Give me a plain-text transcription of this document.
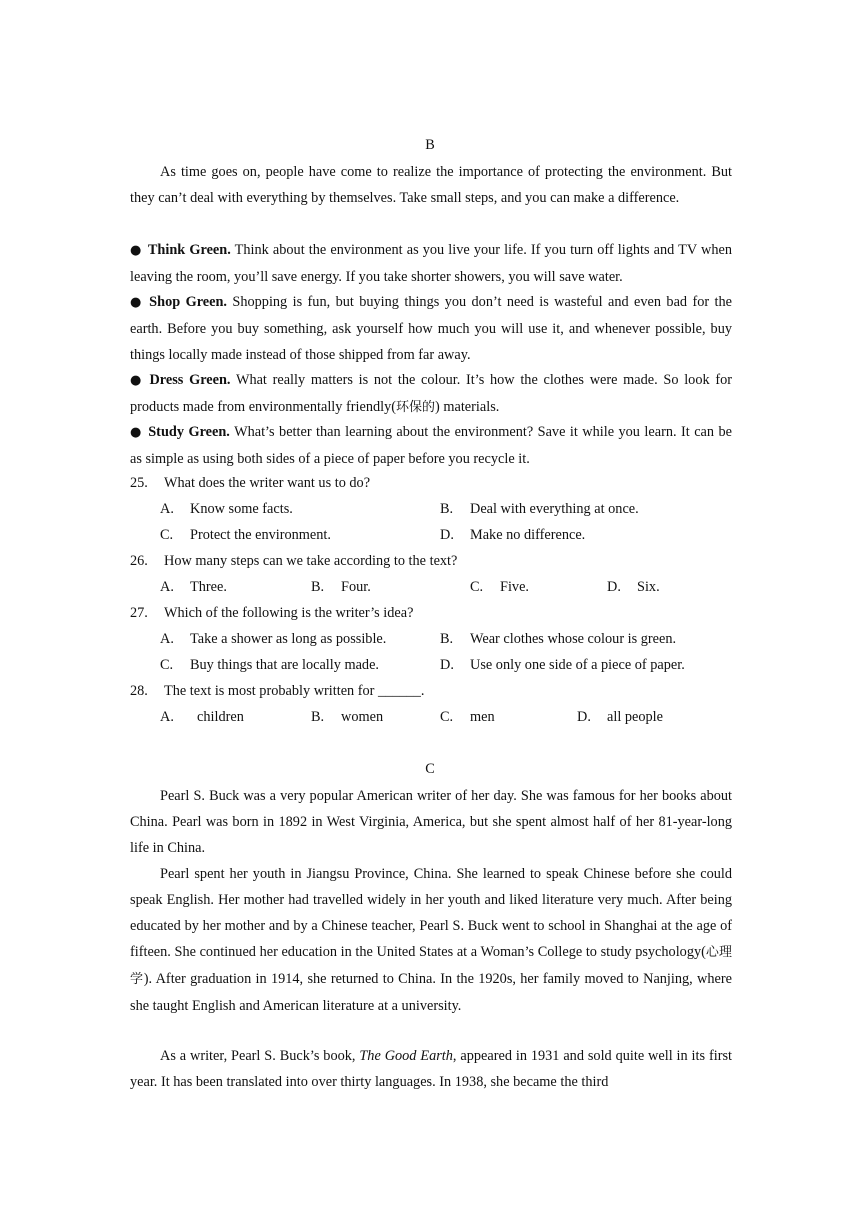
B

As time goes on, people have come to realize the importance of protecting the environment. But they can’t deal with everything by themselves. Take small steps, and you can make a difference.

● Think Green. Think about the environment as you live your life. If you turn off lights and TV when leaving the room, you’ll save energy. If you take shorter showers, you will save water.

● Shop Green. Shopping is fun, but buying things you don’t need is wasteful and even bad for the earth. Before you buy something, ask yourself how much you will use it, and whenever possible, buy things locally made instead of those shipped from far away.

● Dress Green. What really matters is not the colour. It’s how the clothes were made. So look for products made from environmentally friendly(环保的) materials.

● Study Green. What’s better than learning about the environment? Save it while you learn. It can be as simple as using both sides of a piece of paper before you recycle it.

25. What does the writer want us to do?
A. Know some facts.	B. Deal with everything at once.
C. Protect the environment.	D. Make no difference.
26. How many steps can we take according to the text?
A. Three.	B. Four.	C. Five.	D. Six.
27. Which of the following is the writer’s idea?
A. Take a shower as long as possible.	B. Wear clothes whose colour is green.
C. Buy things that are locally made.	D. Use only one side of a piece of paper.
28. The text is most probably written for ______.
A. children	B. women	C. men	D. all people
C

Pearl S. Buck was a very popular American writer of her day. She was famous for her books about China. Pearl was born in 1892 in West Virginia, America, but she spent almost half of her 81-year-long life in China.

Pearl spent her youth in Jiangsu Province, China. She learned to speak Chinese before she could speak English. Her mother had travelled widely in her youth and liked literature very much. After being educated by her mother and by a Chinese teacher, Pearl S. Buck went to school in Shanghai at the age of fifteen. She continued her education in the United States at a Woman’s College to study psychology(心理学). After graduation in 1914, she returned to China. In the 1920s, her family moved to Nanjing, where she taught English and American literature at a university.

As a writer, Pearl S. Buck’s book, The Good Earth, appeared in 1931 and sold quite well in its first year. It has been translated into over thirty languages. In 1938, she became the third
